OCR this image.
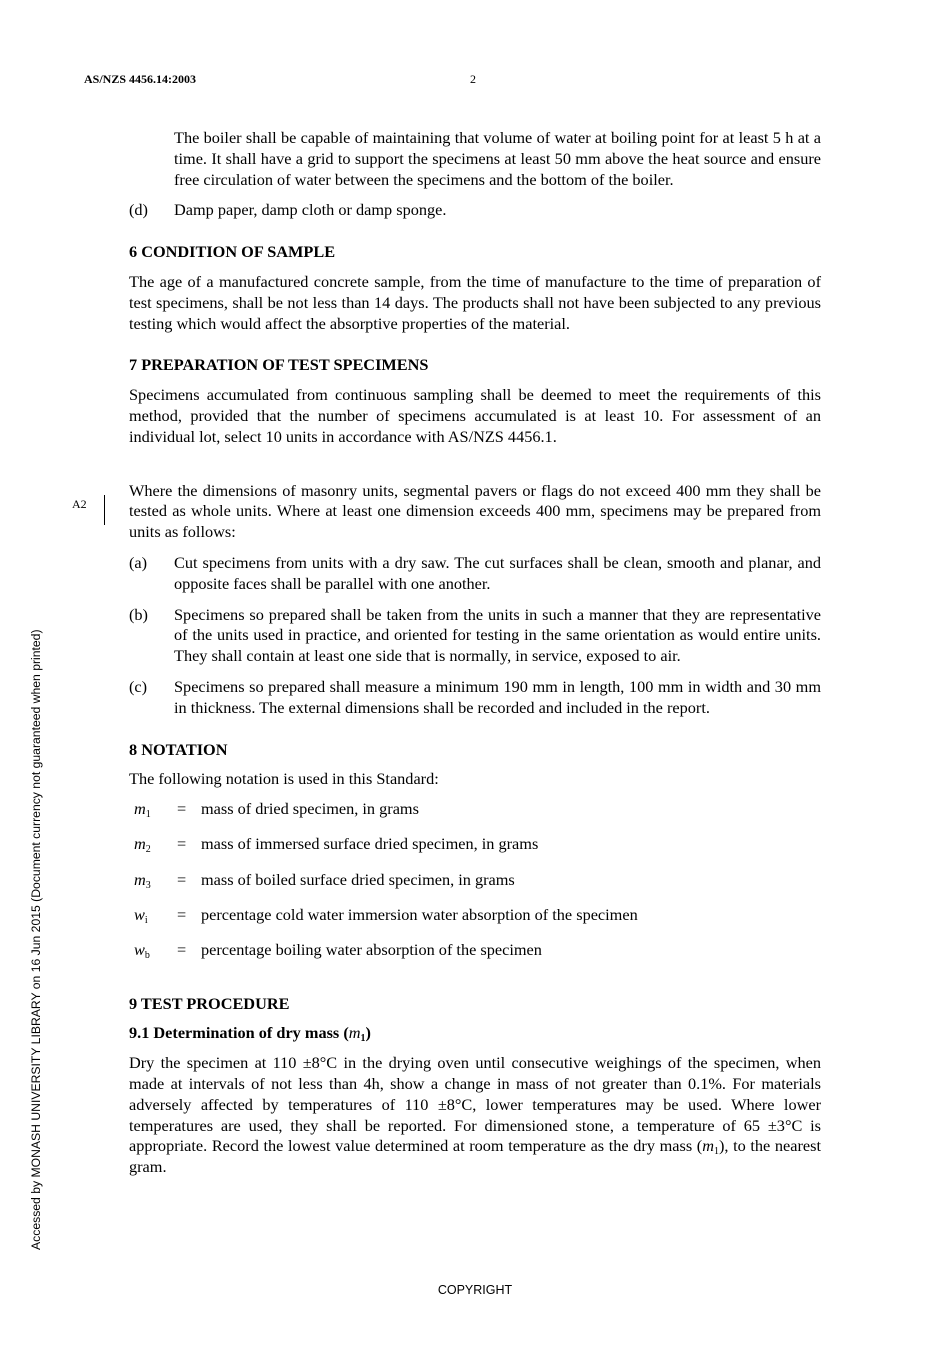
AS/NZS 4456.14:2003	2
Accessed by MONASH UNIVERSITY LIBRARY on 16 Jun 2015 (Document currency not guaranteed when printed)
A2

The boiler shall be capable of maintaining that volume of water at boiling point for at least 5 h at a time. It shall have a grid to support the specimens at least 50 mm above the heat source and ensure free circulation of water between the specimens and the bottom of the boiler.

(d)	Damp paper, damp cloth or damp sponge.
6 CONDITION OF SAMPLE

The age of a manufactured concrete sample, from the time of manufacture to the time of preparation of test specimens, shall be not less than 14 days. The products shall not have been subjected to any previous testing which would affect the absorptive properties of the material.

7 PREPARATION OF TEST SPECIMENS

Specimens accumulated from continuous sampling shall be deemed to meet the requirements of this method, provided that the number of specimens accumulated is at least 10. For assessment of an individual lot, select 10 units in accordance with AS/NZS 4456.1.

Where the dimensions of masonry units, segmental pavers or flags do not exceed 400 mm they shall be tested as whole units. Where at least one dimension exceeds 400 mm, specimens may be prepared from units as follows:

(a)	Cut specimens from units with a dry saw. The cut surfaces shall be clean, smooth and planar, and opposite faces shall be parallel with one another.
(b)	Specimens so prepared shall be taken from the units in such a manner that they are representative of the units used in practice, and oriented for testing in the same orientation as would entire units. They shall contain at least one side that is normally, in service, exposed to air.
(c)	Specimens so prepared shall measure a minimum 190 mm in length, 100 mm in width and 30 mm in thickness. The external dimensions shall be recorded and included in the report.
8 NOTATION

The following notation is used in this Standard:

$m_1$	= mass of dried specimen, in grams
$m_2$	= mass of immersed surface dried specimen, in grams
$m_3$	= mass of boiled surface dried specimen, in grams
$w_i$	= percentage cold water immersion water absorption of the specimen
$w_b$	= percentage boiling water absorption of the specimen
9 TEST PROCEDURE
9.1 Determination of dry mass $(m_1)$

Dry the specimen at 110 ±8°C in the drying oven until consecutive weighings of the specimen, when made at intervals of not less than 4h, show a change in mass of not greater than 0.1%. For materials adversely affected by temperatures of 110 ±8°C, lower temperatures may be used. Where lower temperatures are used, they shall be reported. For dimensioned stone, a temperature of 65 ±3°C is appropriate. Record the lowest value determined at room temperature as the dry mass $(m_1)$, to the nearest gram.

COPYRIGHT
